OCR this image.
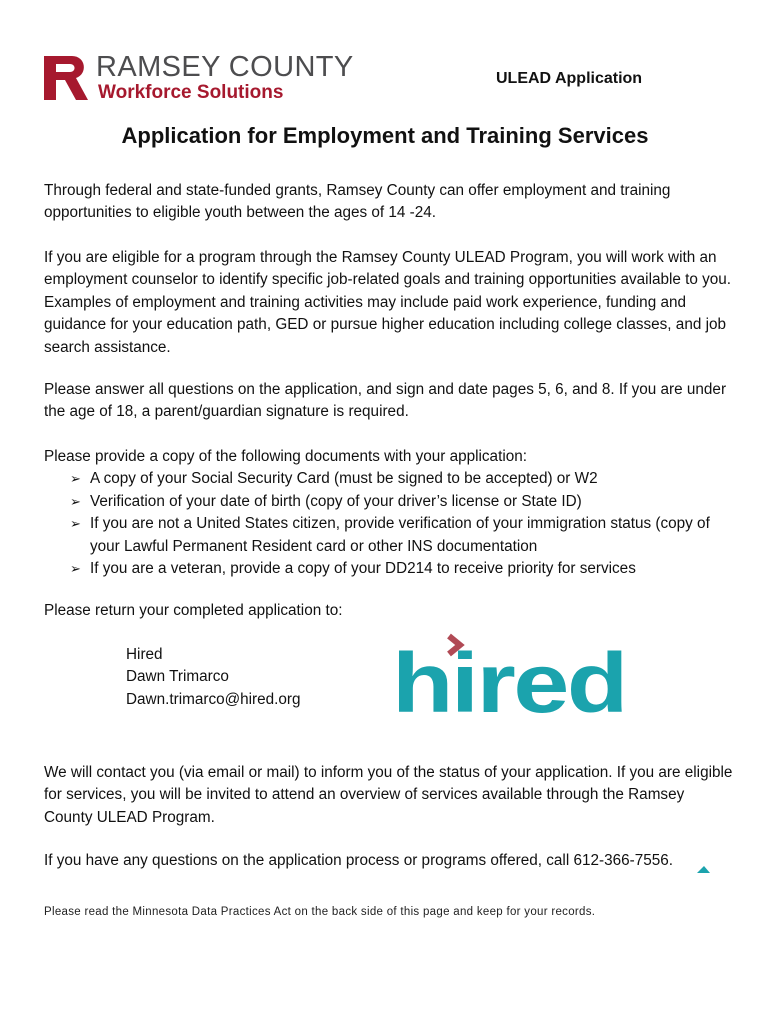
RAMSEY COUNTY
Workforce Solutions
ULEAD Application
Application for Employment and Training Services

Through federal and state-funded grants, Ramsey County can offer employment and training opportunities to eligible youth between the ages of 14 -24.

If you are eligible for a program through the Ramsey County ULEAD Program, you will work with an employment counselor to identify specific job-related goals and training opportunities available to you. Examples of employment and training activities may include paid work experience, funding and guidance for your education path, GED or pursue higher education including college classes, and job search assistance.

Please answer all questions on the application, and sign and date pages 5, 6, and 8. If you are under the age of 18, a parent/guardian signature is required.

Please provide a copy of the following documents with your application:

➢ A copy of your Social Security Card (must be signed to be accepted) or W2
➢ Verification of your date of birth (copy of your driver’s license or State ID)
➢ If you are not a United States citizen, provide verification of your immigration status (copy of your Lawful Permanent Resident card or other INS documentation
➢ If you are a veteran, provide a copy of your DD214 to receive priority for services

Please return your completed application to:

Hired
Dawn Trimarco
Dawn.trimarco@hired.org hired

We will contact you (via email or mail) to inform you of the status of your application. If you are eligible for services, you will be invited to attend an overview of services available through the Ramsey County ULEAD Program.

If you have any questions on the application process or programs offered, call 612-366-7556.

Please read the Minnesota Data Practices Act on the back side of this page and keep for your records.
